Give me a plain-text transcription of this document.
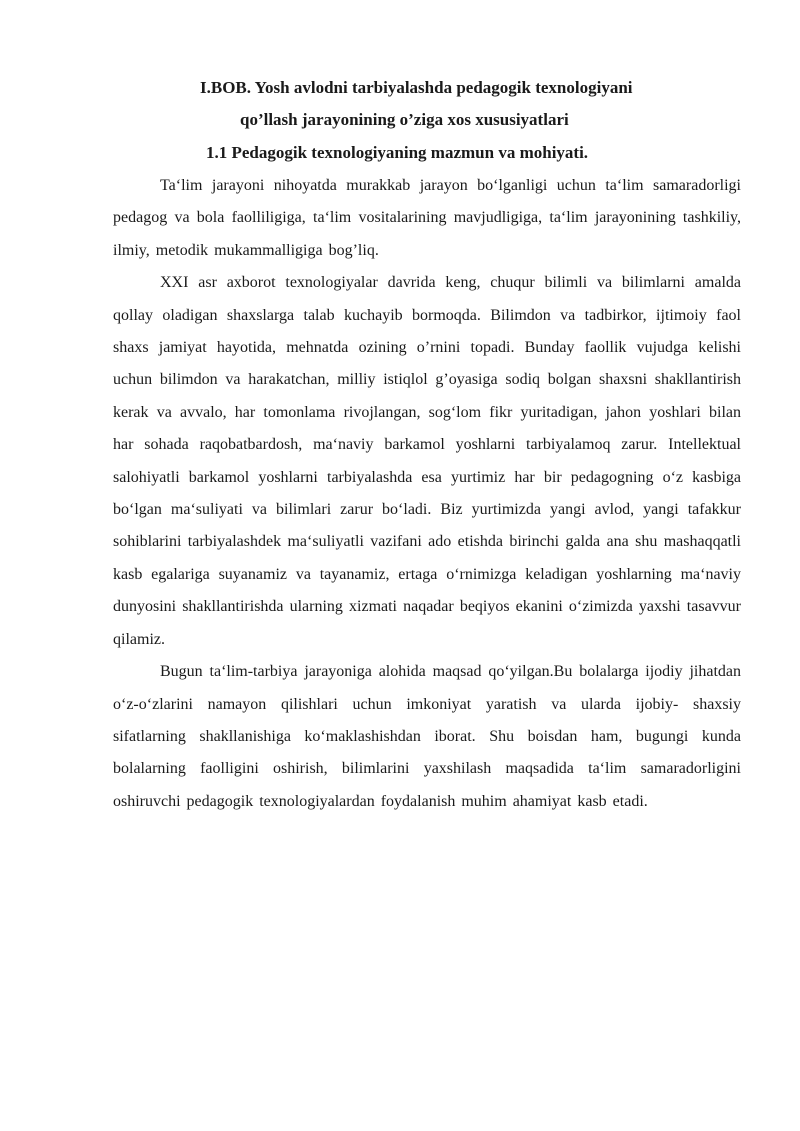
I.BOB. Yosh avlodni tarbiyalashda pedagogik texnologiyani
qo’llash jarayonining o’ziga xos xususiyatlari
1.1 Pedagogik texnologiyaning mazmun va mohiyati.

Ta‘lim jarayoni nihoyatda murakkab jarayon bo‘lganligi uchun ta‘lim samaradorligi pedagog va bola faolliligiga, ta‘lim vositalarining mavjudligiga, ta‘lim jarayonining tashkiliy, ilmiy, metodik mukammalligiga bog’liq.

XXI asr axborot texnologiyalar davrida keng, chuqur bilimli va bilimlarni amalda qollay oladigan shaxslarga talab kuchayib bormoqda. Bilimdon va tadbirkor, ijtimoiy faol shaxs jamiyat hayotida, mehnatda ozining o’rnini topadi. Bunday faollik vujudga kelishi uchun bilimdon va harakatchan, milliy istiqlol g’oyasiga sodiq bolgan shaxsni shakllantirish kerak va avvalo, har tomonlama rivojlangan, sog‘lom fikr yuritadigan, jahon yoshlari bilan har sohada raqobatbardosh, ma‘naviy barkamol yoshlarni tarbiyalamoq zarur. Intellektual salohiyatli barkamol yoshlarni tarbiyalashda esa yurtimiz har bir pedagogning o‘z kasbiga bo‘lgan ma‘suliyati va bilimlari zarur bo‘ladi. Biz yurtimizda yangi avlod, yangi tafakkur sohiblarini tarbiyalashdek ma‘suliyatli vazifani ado etishda birinchi galda ana shu mashaqqatli kasb egalariga suyanamiz va tayanamiz, ertaga o‘rnimizga keladigan yoshlarning ma‘naviy dunyosini shakllantirishda ularning xizmati naqadar beqiyos ekanini o‘zimizda yaxshi tasavvur qilamiz.

Bugun ta‘lim-tarbiya jarayoniga alohida maqsad qo‘yilgan.Bu bolalarga ijodiy jihatdan o‘z-o‘zlarini namayon qilishlari uchun imkoniyat yaratish va ularda ijobiy- shaxsiy sifatlarning shakllanishiga ko‘maklashishdan iborat. Shu boisdan ham, bugungi kunda bolalarning faolligini oshirish, bilimlarini yaxshilash maqsadida ta‘lim samaradorligini oshiruvchi pedagogik texnologiyalardan foydalanish muhim ahamiyat kasb etadi.
